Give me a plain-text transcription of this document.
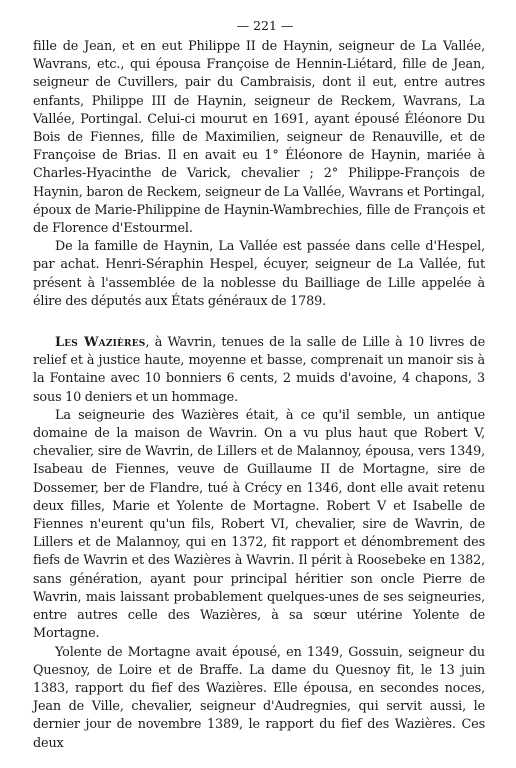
— 221 —

fille de Jean, et en eut Philippe II de Haynin, seigneur de La Vallée, Wavrans, etc., qui épousa Françoise de Hennin-Liétard, fille de Jean, seigneur de Cuvillers, pair du Cambraisis, dont il eut, entre autres enfants, Philippe III de Haynin, seigneur de Reckem, Wavrans, La Vallée, Portingal. Celui-ci mourut en 1691, ayant épousé Éléonore Du Bois de Fiennes, fille de Maximilien, seigneur de Renauville, et de Françoise de Brias. Il en avait eu 1° Éléonore de Haynin, mariée à Charles-Hyacinthe de Varick, chevalier ; 2° Philippe-François de Haynin, baron de Reckem, seigneur de La Vallée, Wavrans et Portingal, époux de Marie-Philippine de Haynin-Wambrechies, fille de François et de Florence d'Estourmel.

De la famille de Haynin, La Vallée est passée dans celle d'Hespel, par achat. Henri-Séraphin Hespel, écuyer, seigneur de La Vallée, fut présent à l'assemblée de la noblesse du Bailliage de Lille appelée à élire des députés aux États généraux de 1789.

Les Wazières, à Wavrin, tenues de la salle de Lille à 10 livres de relief et à justice haute, moyenne et basse, comprenait un manoir sis à la Fontaine avec 10 bonniers 6 cents, 2 muids d'avoine, 4 chapons, 3 sous 10 deniers et un hommage.

La seigneurie des Wazières était, à ce qu'il semble, un antique domaine de la maison de Wavrin. On a vu plus haut que Robert V, chevalier, sire de Wavrin, de Lillers et de Malannoy, épousa, vers 1349, Isabeau de Fiennes, veuve de Guillaume II de Mortagne, sire de Dossemer, ber de Flandre, tué à Crécy en 1346, dont elle avait retenu deux filles, Marie et Yolente de Mortagne. Robert V et Isabelle de Fiennes n'eurent qu'un fils, Robert VI, chevalier, sire de Wavrin, de Lillers et de Malannoy, qui en 1372, fit rapport et dénombrement des fiefs de Wavrin et des Wazières à Wavrin. Il périt à Roosebeke en 1382, sans génération, ayant pour principal héritier son oncle Pierre de Wavrin, mais laissant probablement quelques-unes de ses seigneuries, entre autres celle des Wazières, à sa sœur utérine Yolente de Mortagne.

Yolente de Mortagne avait épousé, en 1349, Gossuin, seigneur du Quesnoy, de Loire et de Braffe. La dame du Quesnoy fit, le 13 juin 1383, rapport du fief des Wazières. Elle épousa, en secondes noces, Jean de Ville, chevalier, seigneur d'Audregnies, qui servit aussi, le dernier jour de novembre 1389, le rapport du fief des Wazières. Ces deux
